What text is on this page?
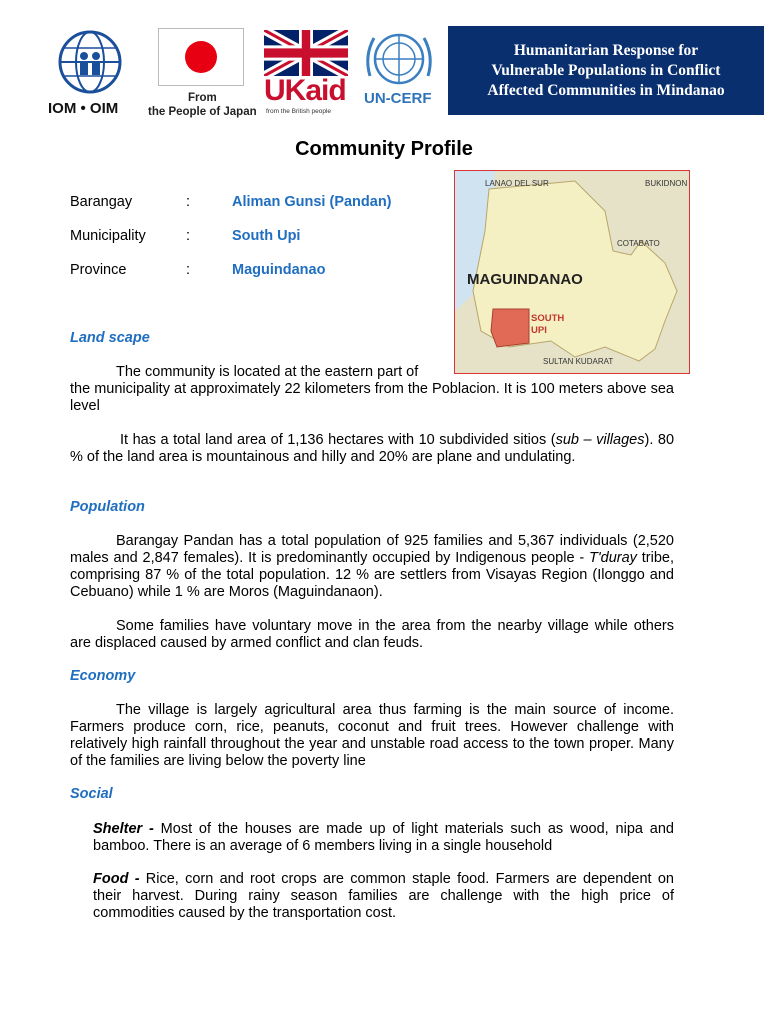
IOM • OIM
From
the People of Japan
UKaid
from the British people
UN-CERF
Humanitarian Response for
Vulnerable Populations in Conflict
Affected Communities in Mindanao
Community Profile
Barangay	:	Aliman Gunsi (Pandan)
Municipality	:	South Upi
Province	:	Maguindanao
LANAO DEL SUR	BUKIDNON
COTABATO
MAGUINDANAO
SOUTH
UPI
SULTAN KUDARAT
Land scape
The community is located at the eastern part of
the municipality at approximately 22 kilometers from the Poblacion. It is 100 meters above sea level
It has a total land area of 1,136 hectares with 10 subdivided sitios (sub – villages). 80 % of the land area is mountainous and hilly and 20% are plane and undulating.
Population
Barangay Pandan has a total population of 925 families and 5,367 individuals (2,520 males and 2,847 females). It is predominantly occupied by Indigenous people - T'duray tribe, comprising 87 % of the total population. 12 % are settlers from Visayas Region (Ilonggo and Cebuano) while 1 % are Moros (Maguindanaon).
Some families have voluntary move in the area from the nearby village while others are displaced caused by armed conflict and clan feuds.
Economy
The village is largely agricultural area thus farming is the main source of income. Farmers produce corn, rice, peanuts, coconut and fruit trees. However challenge with relatively high rainfall throughout the year and unstable road access to the town proper. Many of the families are living below the poverty line
Social
Shelter - Most of the houses are made up of light materials such as wood, nipa and bamboo. There is an average of 6 members living in a single household
Food - Rice, corn and root crops are common staple food. Farmers are dependent on their harvest. During rainy season families are challenge with the high price of commodities caused by the transportation cost.
